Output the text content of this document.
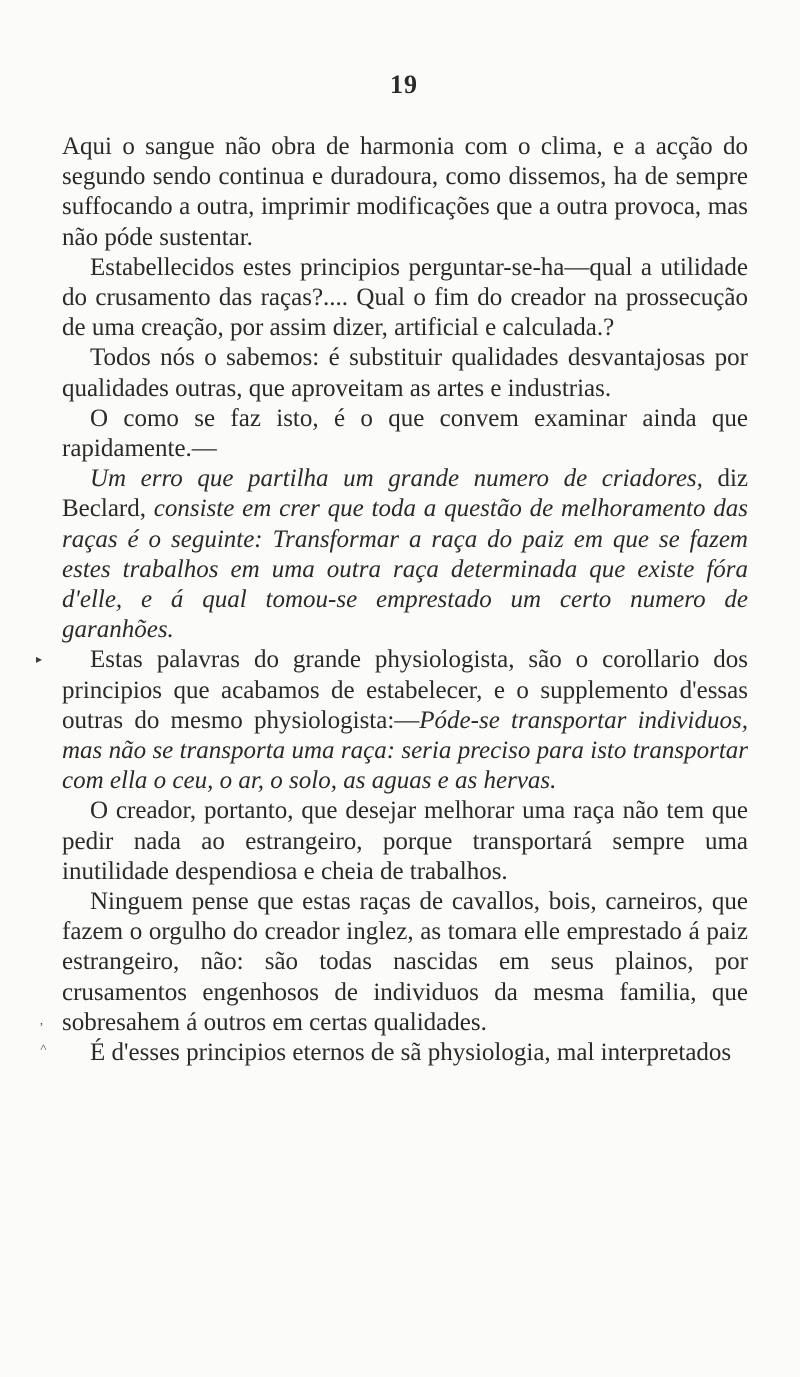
19
▸
,
˄

Aqui o sangue não obra de harmonia com o clima, e a acção do segundo sendo continua e duradoura, como dissemos, ha de sempre suffocando a outra, imprimir modificações que a outra provoca, mas não póde sustentar.

Estabellecidos estes principios perguntar-se-ha—qual a utilidade do crusamento das raças?.... Qual o fim do creador na prossecução de uma creação, por assim dizer, artificial e calculada.?

Todos nós o sabemos: é substituir qualidades desvantajosas por qualidades outras, que aproveitam as artes e industrias.

O como se faz isto, é o que convem examinar ainda que rapidamente.—

Um erro que partilha um grande numero de criadores, diz Beclard, consiste em crer que toda a questão de melhoramento das raças é o seguinte: Transformar a raça do paiz em que se fazem estes trabalhos em uma outra raça determinada que existe fóra d'elle, e á qual tomou-se emprestado um certo numero de garanhões.

Estas palavras do grande physiologista, são o corollario dos principios que acabamos de estabelecer, e o supplemento d'essas outras do mesmo physiologista:—Póde-se transportar individuos, mas não se transporta uma raça: seria preciso para isto transportar com ella o ceu, o ar, o solo, as aguas e as hervas.

O creador, portanto, que desejar melhorar uma raça não tem que pedir nada ao estrangeiro, porque transportará sempre uma inutilidade despendiosa e cheia de trabalhos.

Ninguem pense que estas raças de cavallos, bois, carneiros, que fazem o orgulho do creador inglez, as tomara elle emprestado á paiz estrangeiro, não: são todas nascidas em seus plainos, por crusamentos engenhosos de individuos da mesma familia, que sobresahem á outros em certas qualidades.

É d'esses principios eternos de sã physiologia, mal interpretados
